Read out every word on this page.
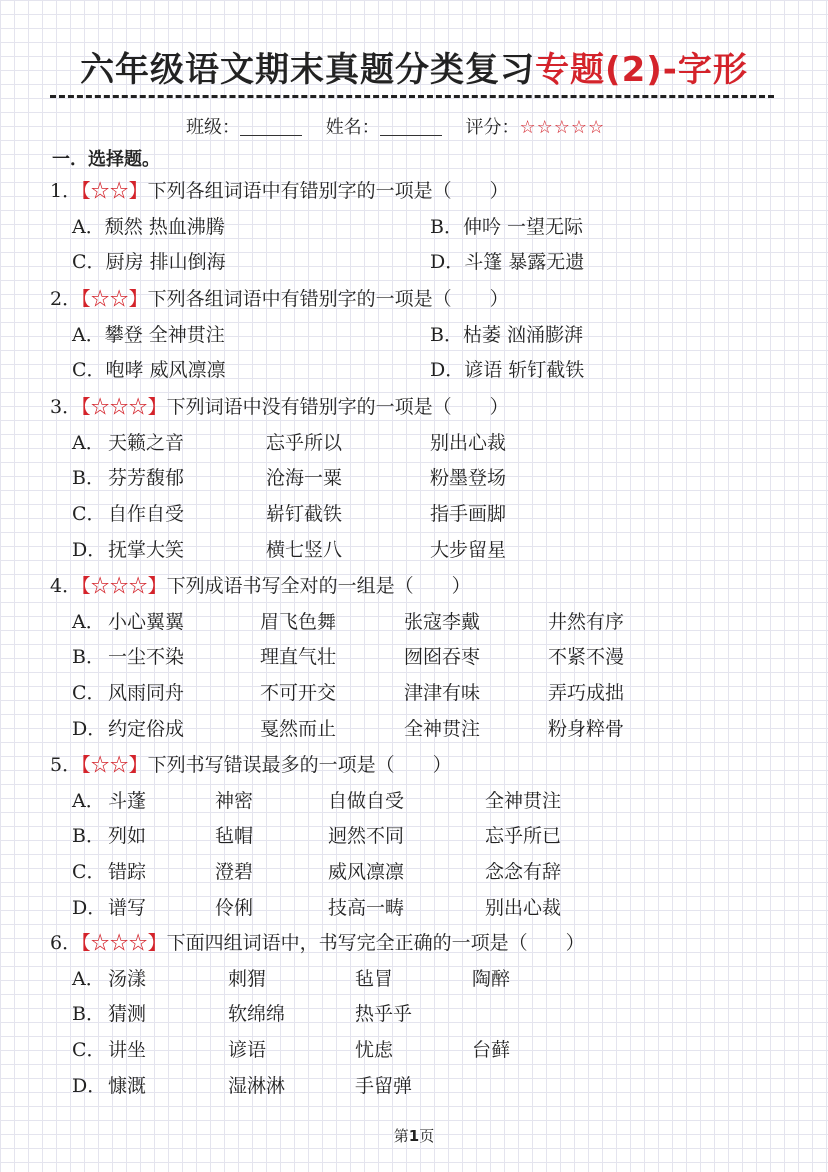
六年级语文期末真题分类复习专题(2)-字形
班级：	姓名：	评分：☆☆☆☆☆
一．选择题。
1．【☆☆】下列各组词语中有错别字的一项是（　　）
A．颓然 热血沸腾	B．伸吟 一望无际
C．厨房 排山倒海	D．斗篷 暴露无遗
2．【☆☆】下列各组词语中有错别字的一项是（　　）
A．攀登 全神贯注	B．枯萎 汹涌膨湃
C．咆哮 威风凛凛	D．谚语 斩钉截铁
3．【☆☆☆】下列词语中没有错别字的一项是（　　）
A． 天籁之音	忘乎所以	别出心裁
B． 芬芳馥郁	沧海一粟	粉墨登场
C． 自作自受	崭钉截铁	指手画脚
D． 抚掌大笑	横七竖八	大步留星
4．【☆☆☆】下列成语书写全对的一组是（　　）
A． 小心翼翼	眉飞色舞	张寇李戴	井然有序
B． 一尘不染	理直气壮	囫囵吞枣	不紧不漫
C． 风雨同舟	不可开交	津津有味	弄巧成拙
D． 约定俗成	戛然而止	全神贯注	粉身粹骨
5．【☆☆】下列书写错误最多的一项是（　　）
A． 斗蓬	神密	自做自受	全神贯注
B． 列如	毡帽	迥然不同	忘乎所已
C． 错踪	澄碧	威风凛凛	念念有辞
D． 谱写	伶俐	技高一畴	别出心裁
6．【☆☆☆】下面四组词语中，书写完全正确的一项是（　　）
A． 汤漾	刺猬	毡冒	陶醉
B． 猜测	软绵绵	热乎乎
C． 讲坐	谚语	忧虑	台藓
D． 慷溉	湿淋淋	手留弹
第1页
